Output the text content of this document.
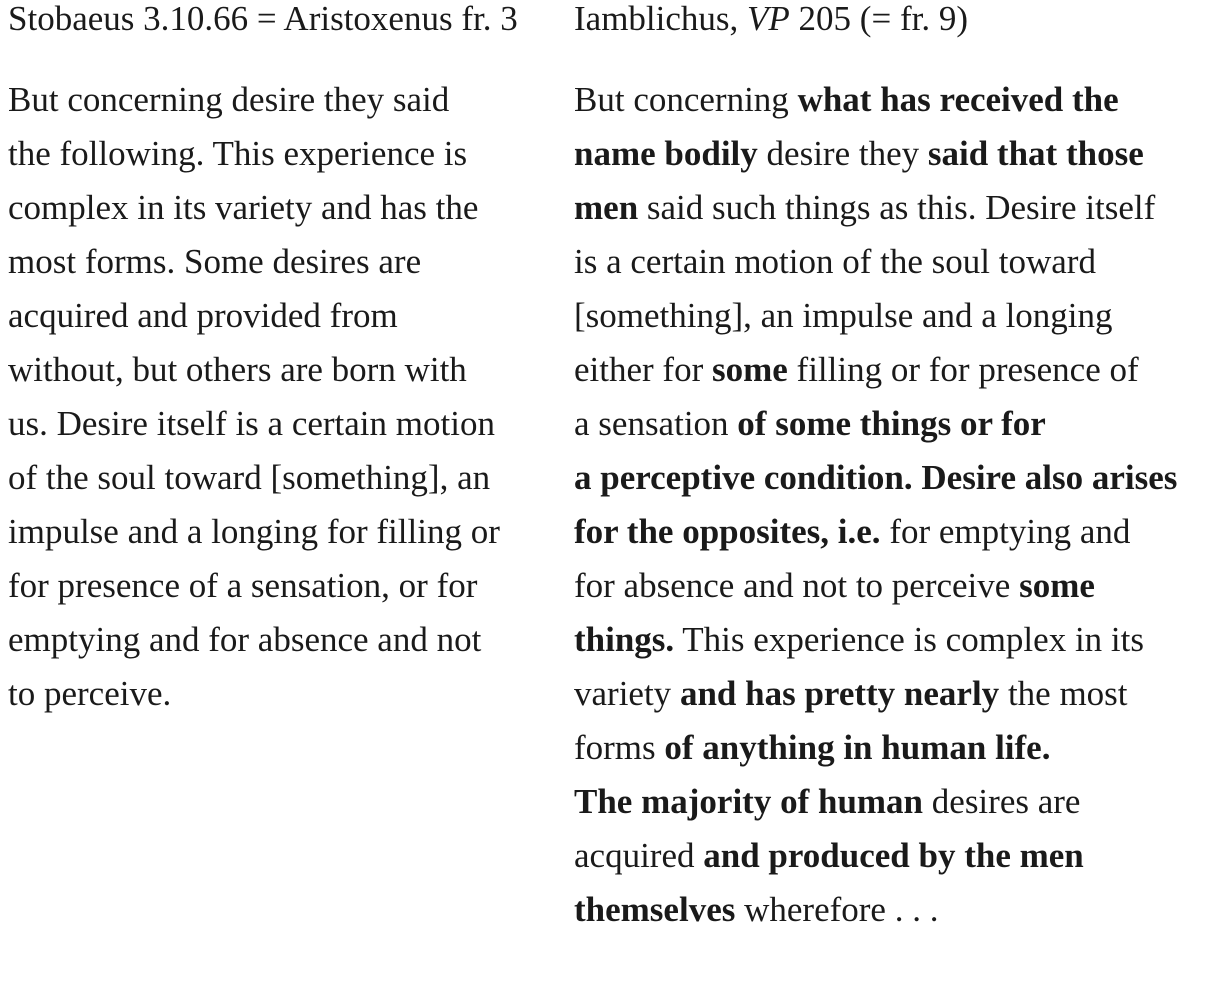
Stobaeus 3.10.66 = Aristoxenus fr. 3
But concerning desire they said
the following. This experience is
complex in its variety and has the
most forms. Some desires are
acquired and provided from
without, but others are born with
us. Desire itself is a certain motion
of the soul toward [something], an
impulse and a longing for filling or
for presence of a sensation, or for
emptying and for absence and not
to perceive.
Iamblichus, VP 205 (= fr. 9)
But concerning what has received the
name bodily desire they said that those
men said such things as this. Desire itself
is a certain motion of the soul toward
[something], an impulse and a longing
either for some filling or for presence of
a sensation of some things or for
a perceptive condition. Desire also arises
for the opposites, i.e. for emptying and
for absence and not to perceive some
things. This experience is complex in its
variety and has pretty nearly the most
forms of anything in human life.
The majority of human desires are
acquired and produced by the men
themselves wherefore . . .
